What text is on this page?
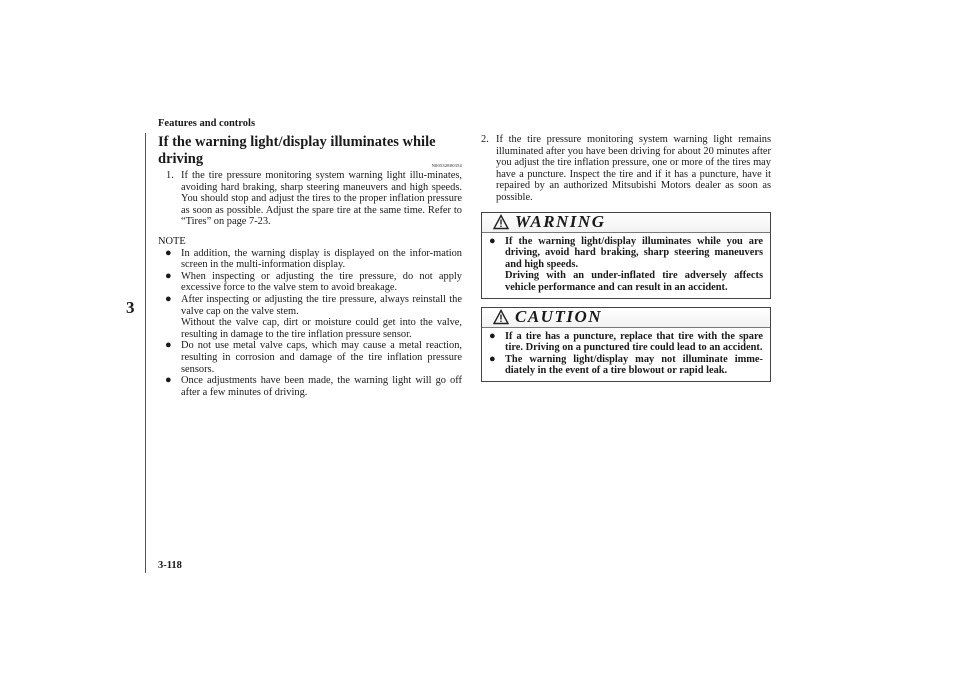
Features and controls
3
If the warning light/display illuminates while driving	N00532800354
1. If the tire pressure monitoring system warning light illu-minates, avoiding hard braking, sharp steering maneuvers and high speeds. You should stop and adjust the tires to the proper inflation pressure as soon as possible. Adjust the spare tire at the same time. Refer to “Tires” on page 7-23.
NOTE
● In addition, the warning display is displayed on the infor-mation screen in the multi-information display.
● When inspecting or adjusting the tire pressure, do not apply excessive force to the valve stem to avoid breakage.
● After inspecting or adjusting the tire pressure, always reinstall the valve cap on the valve stem.
Without the valve cap, dirt or moisture could get into the valve, resulting in damage to the tire inflation pressure sensor.
● Do not use metal valve caps, which may cause a metal reaction, resulting in corrosion and damage of the tire inflation pressure sensors.
● Once adjustments have been made, the warning light will go off after a few minutes of driving.
2. If the tire pressure monitoring system warning light remains illuminated after you have been driving for about 20 minutes after you adjust the tire inflation pressure, one or more of the tires may have a puncture. Inspect the tire and if it has a puncture, have it repaired by an authorized Mitsubishi Motors dealer as soon as possible.
WARNING
● If the warning light/display illuminates while you are driving, avoid hard braking, sharp steering maneuvers and high speeds.
Driving with an under-inflated tire adversely affects vehicle performance and can result in an accident.
CAUTION
● If a tire has a puncture, replace that tire with the spare tire. Driving on a punctured tire could lead to an accident.
● The warning light/display may not illuminate imme-diately in the event of a tire blowout or rapid leak.
3-118
